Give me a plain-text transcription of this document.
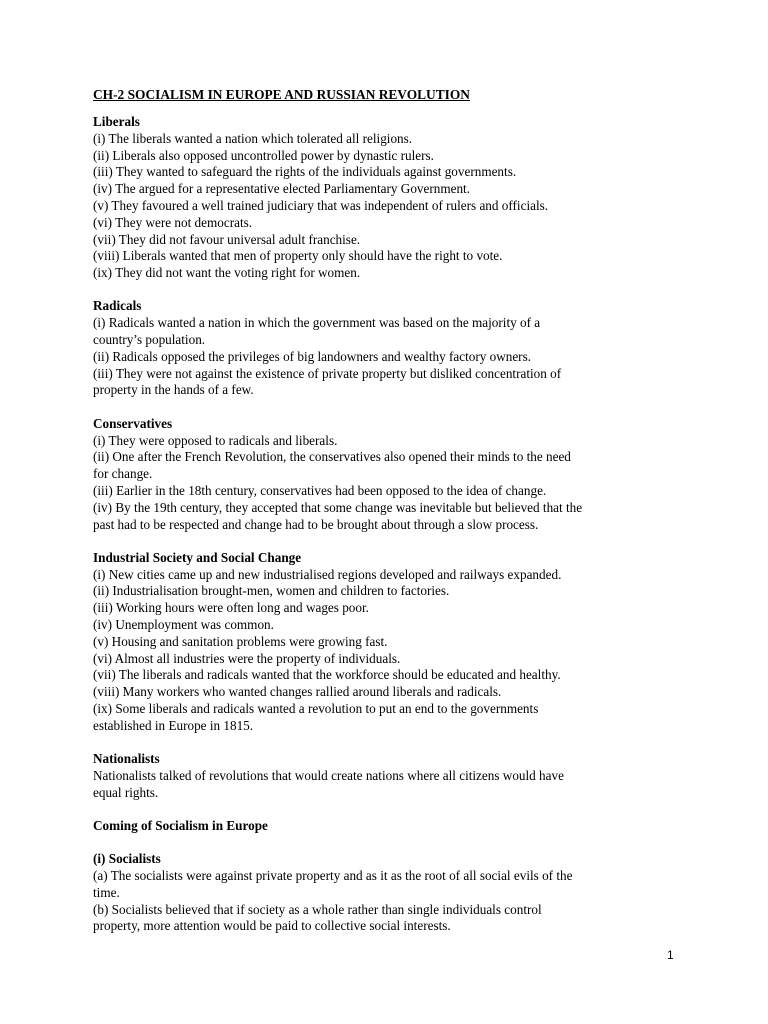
CH-2 SOCIALISM IN EUROPE AND RUSSIAN REVOLUTION
Liberals
(i) The liberals wanted a nation which tolerated all religions.
(ii) Liberals also opposed uncontrolled power by dynastic rulers.
(iii) They wanted to safeguard the rights of the individuals against governments.
(iv) The argued for a representative elected Parliamentary Government.
(v) They favoured a well trained judiciary that was independent of rulers and officials.
(vi) They were not democrats.
(vii) They did not favour universal adult franchise.
(viii) Liberals wanted that men of property only should have the right to vote.
(ix) They did not want the voting right for women.
Radicals
(i) Radicals wanted a nation in which the government was based on the majority of a
country’s population.
(ii) Radicals opposed the privileges of big landowners and wealthy factory owners.
(iii) They were not against the existence of private property but disliked concentration of
property in the hands of a few.
Conservatives
(i) They were opposed to radicals and liberals.
(ii) One after the French Revolution, the conservatives also opened their minds to the need
for change.
(iii) Earlier in the 18th century, conservatives had been opposed to the idea of change.
(iv) By the 19th century, they accepted that some change was inevitable but believed that the
past had to be respected and change had to be brought about through a slow process.
Industrial Society and Social Change
(i) New cities came up and new industrialised regions developed and railways expanded.
(ii) Industrialisation brought-men, women and children to factories.
(iii) Working hours were often long and wages poor.
(iv) Unemployment was common.
(v) Housing and sanitation problems were growing fast.
(vi) Almost all industries were the property of individuals.
(vii) The liberals and radicals wanted that the workforce should be educated and healthy.
(viii) Many workers who wanted changes rallied around liberals and radicals.
(ix) Some liberals and radicals wanted a revolution to put an end to the governments
established in Europe in 1815.
Nationalists
Nationalists talked of revolutions that would create nations where all citizens would have
equal rights.
Coming of Socialism in Europe
(i) Socialists
(a) The socialists were against private property and as it as the root of all social evils of the
time.
(b) Socialists believed that if society as a whole rather than single individuals control
property, more attention would be paid to collective social interests.
1
